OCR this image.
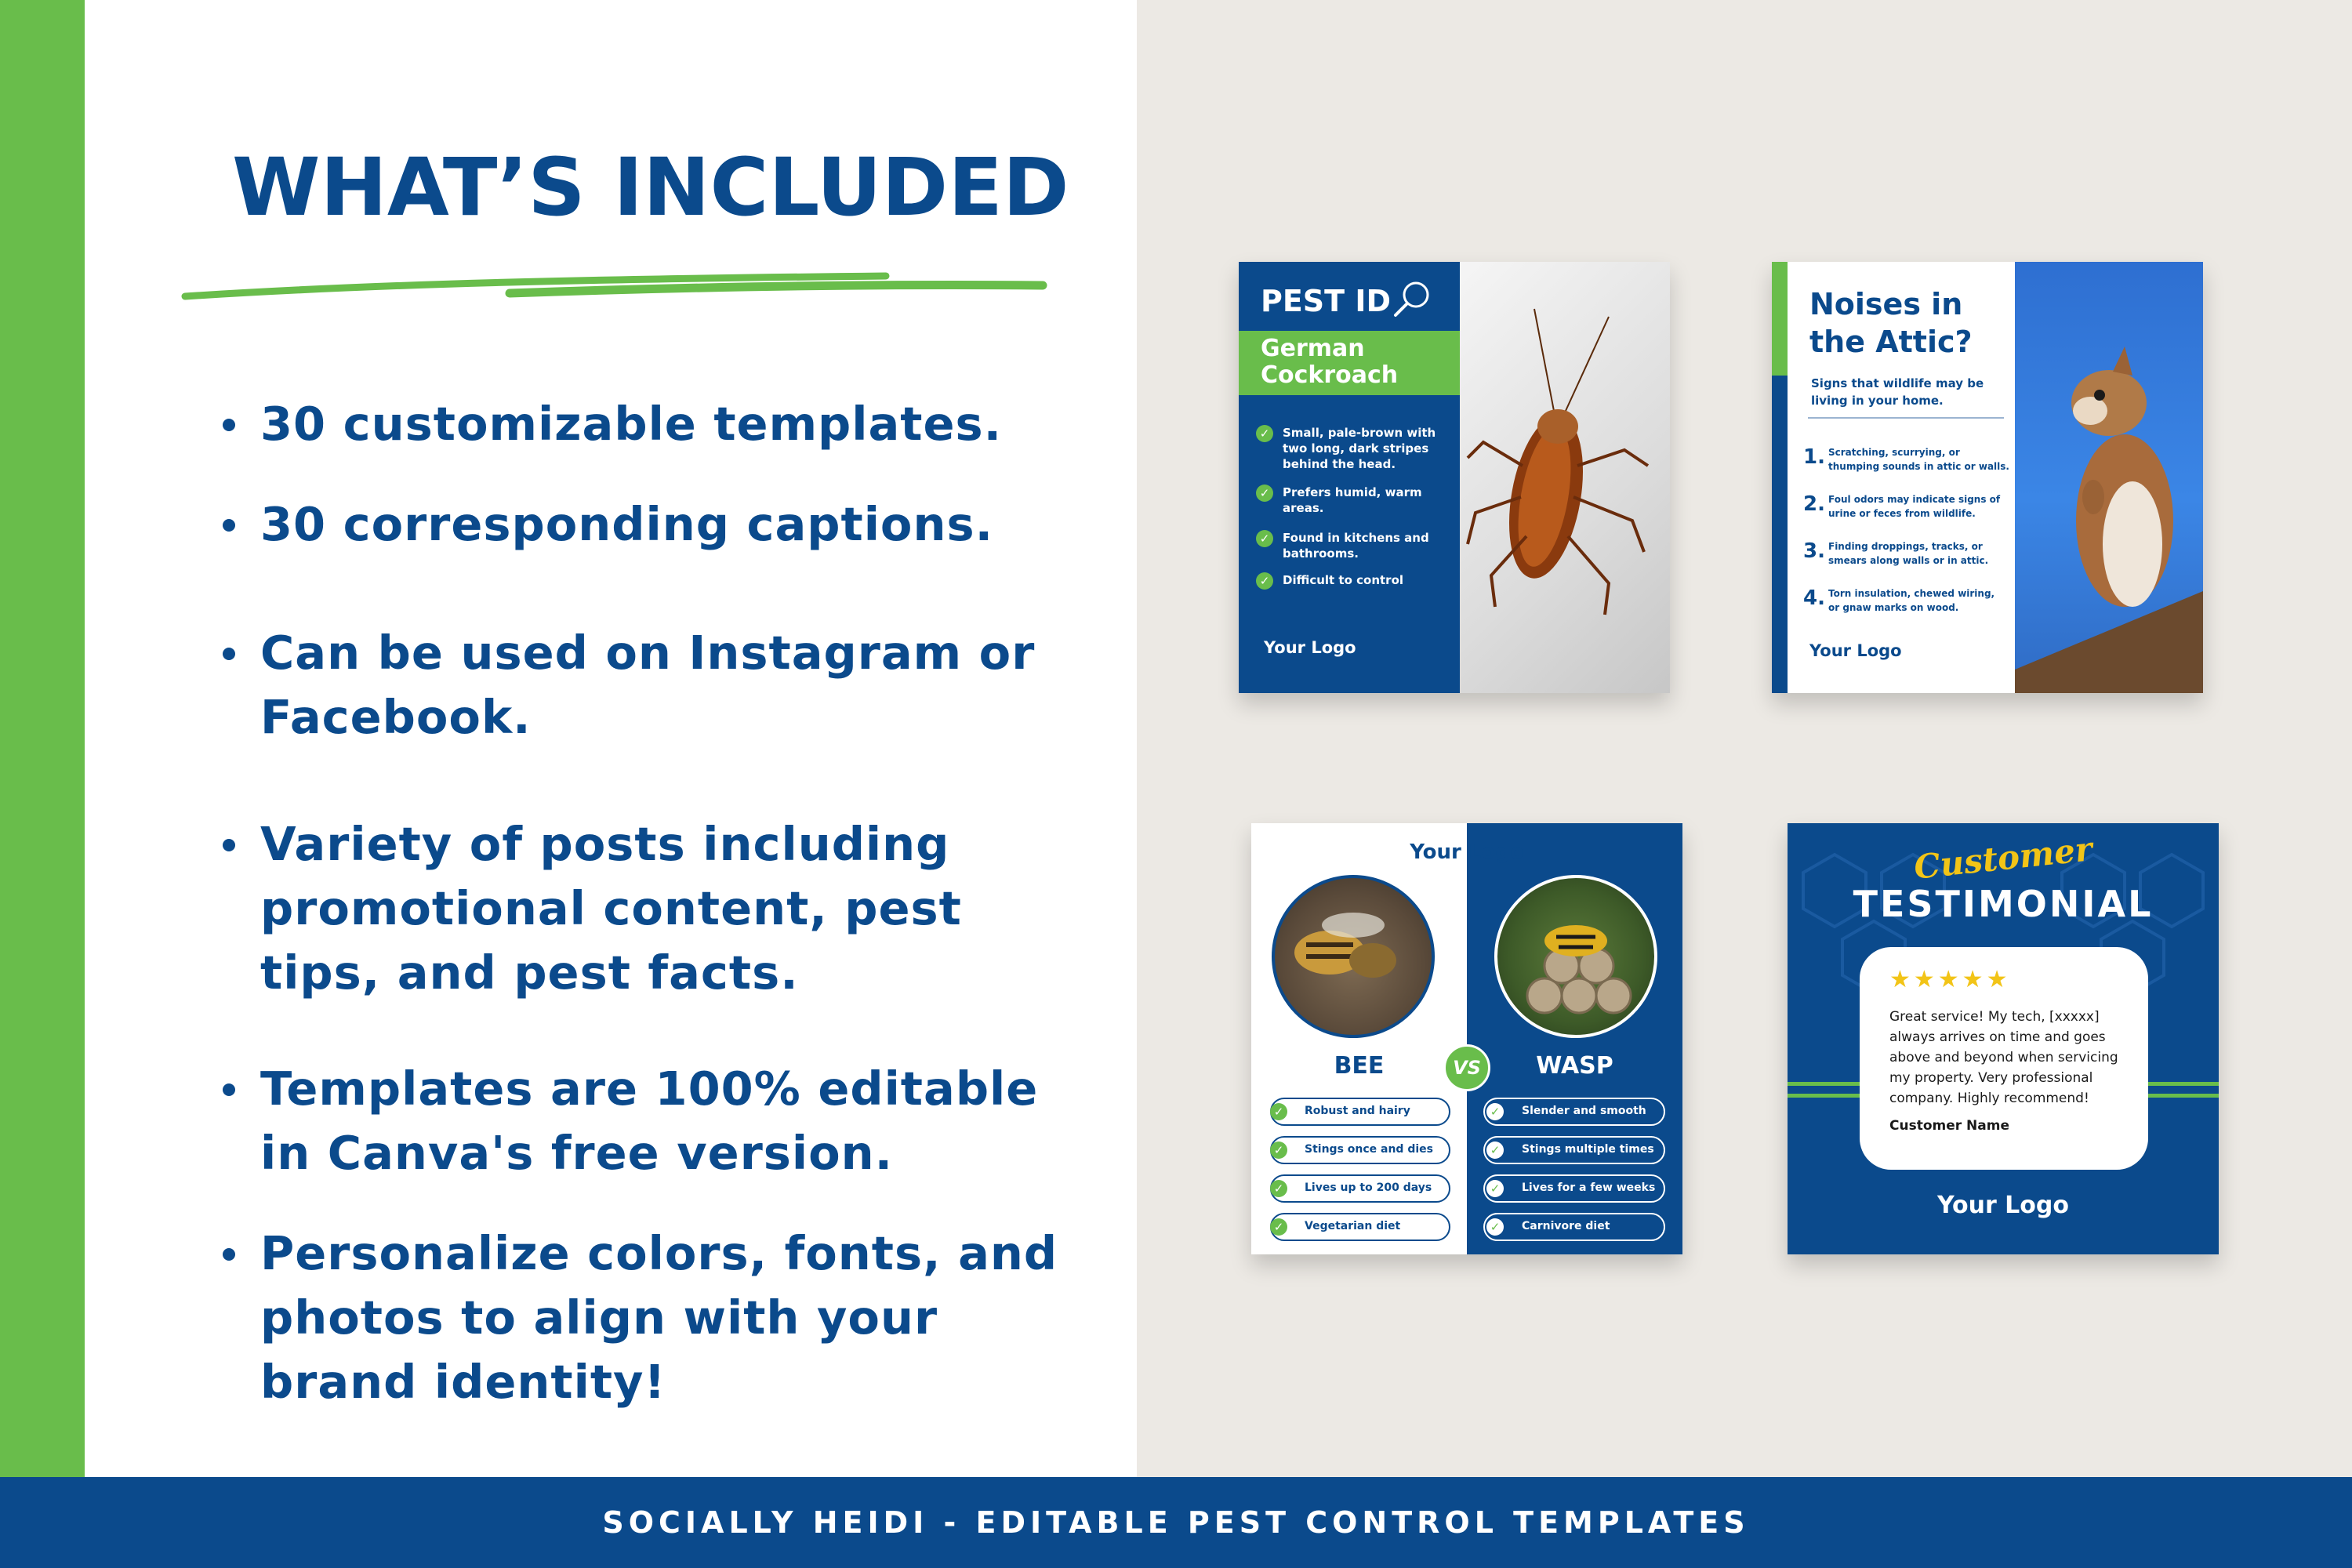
WHAT’S INCLUDED
30 customizable templates.
30 corresponding captions.
Can be used on Instagram or Facebook.
Variety of posts including promotional content, pest tips, and pest facts.
Templates are 100% editable in Canva's free version.
Personalize colors, fonts, and photos to align with your brand identity!
PEST ID
German
Cockroach
✓	Small, pale-brown with
two long, dark stripes
behind the head.
✓	Prefers humid, warm
areas.
✓	Found in kitchens and
bathrooms.
✓	Difficult to control
Your Logo
Noises in
the Attic?
Signs that wildlife may be
living in your home.
1. Scratching, scurrying, or
thumping sounds in attic or walls.
2. Foul odors may indicate signs of
urine or feces from wildlife.
3. Finding droppings, tracks, or
smears along walls or in attic.
4. Torn insulation, chewed wiring,
or gnaw marks on wood.
Your Logo
Your Logo
BEE	WASP
VS
✓	Robust and hairy
✓	Stings once and dies
✓	Lives up to 200 days
✓	Vegetarian diet
✓	Slender and smooth
✓	Stings multiple times
✓	Lives for a few weeks
✓	Carnivore diet
Customer
TESTIMONIAL
★★★★★
Great service! My tech, [xxxxx]
always arrives on time and goes
above and beyond when servicing
my property. Very professional
company. Highly recommend!
Customer Name
Your Logo
SOCIALLY HEIDI - EDITABLE PEST CONTROL TEMPLATES
